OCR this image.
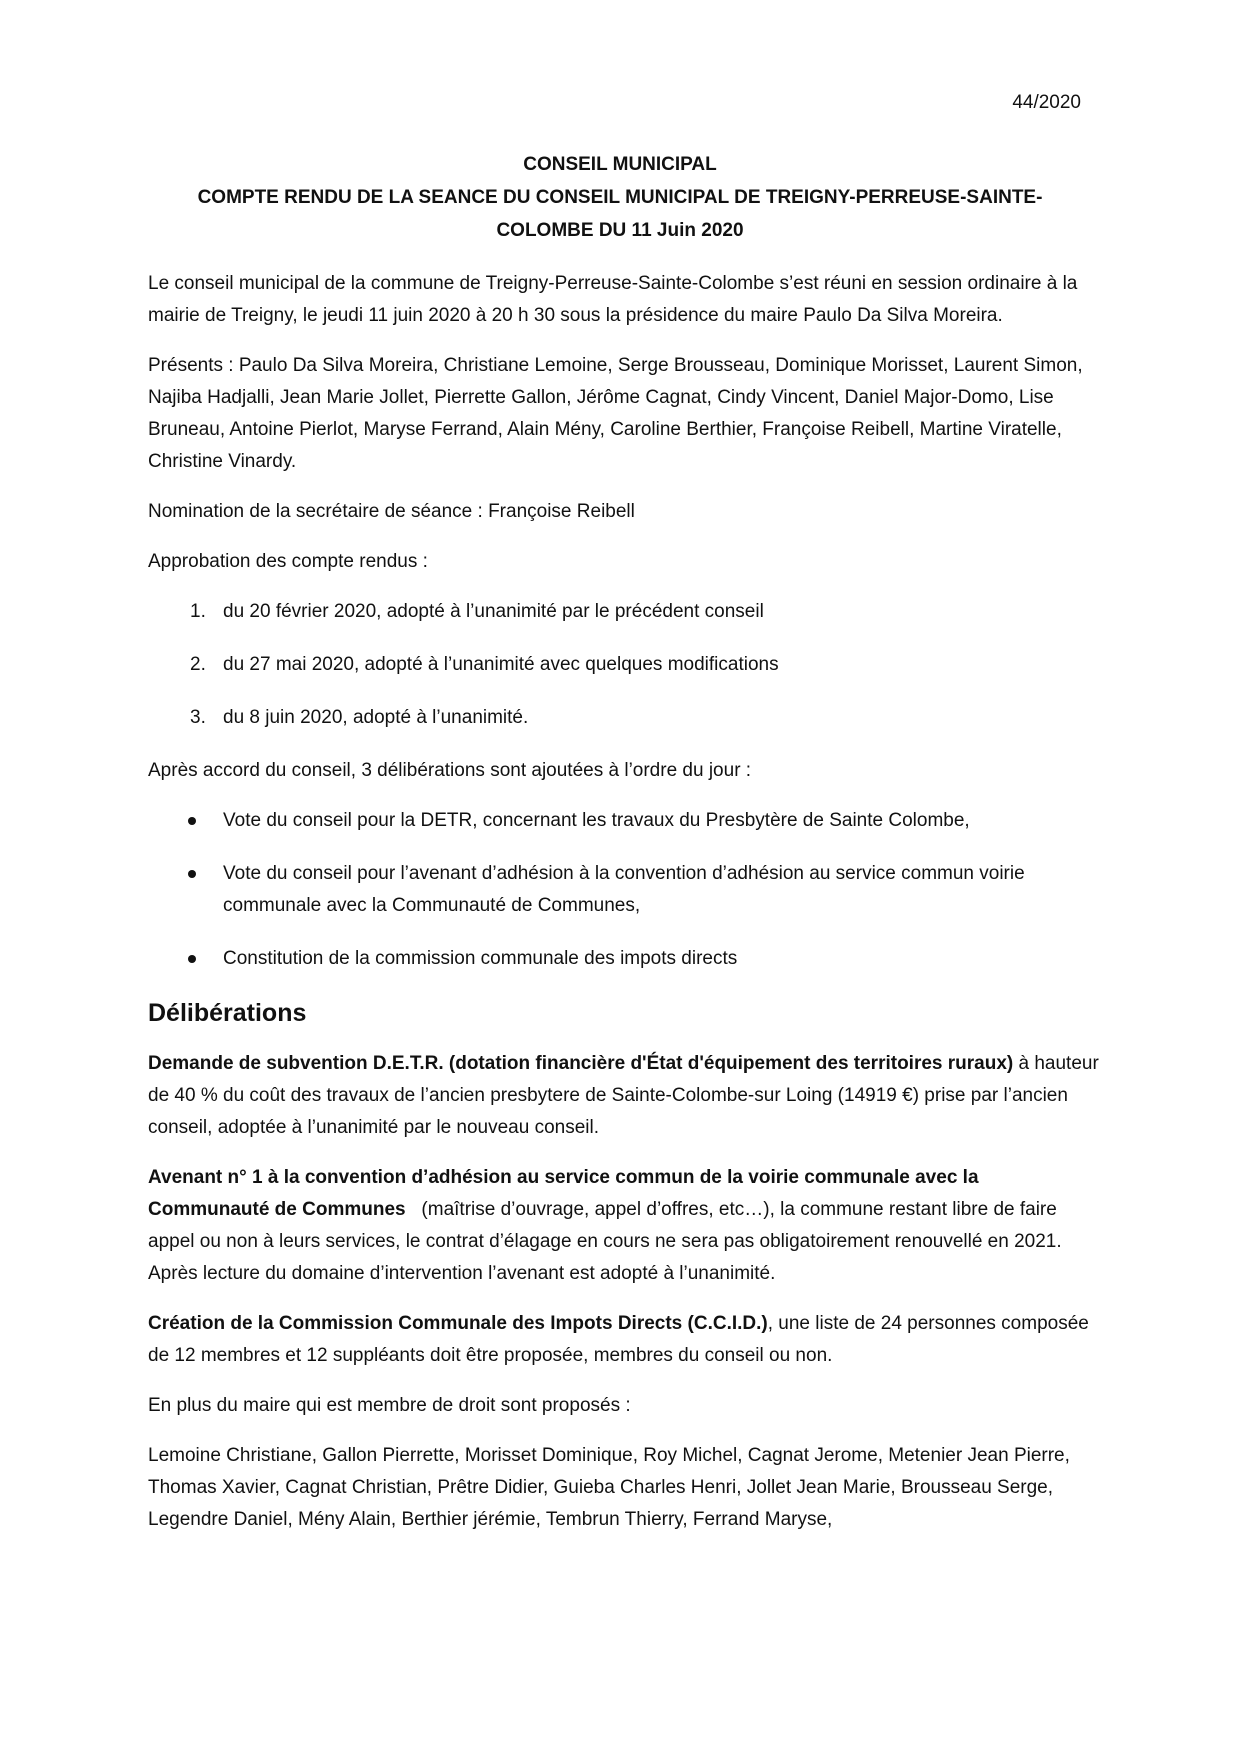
44/2020
CONSEIL MUNICIPAL
COMPTE RENDU DE LA SEANCE DU CONSEIL MUNICIPAL DE TREIGNY-PERREUSE-SAINTE-
COLOMBE DU 11 Juin 2020

Le conseil municipal de la commune de Treigny-Perreuse-Sainte-Colombe s’est réuni en session ordinaire à la mairie de Treigny, le jeudi 11 juin 2020 à 20 h 30 sous la présidence du maire Paulo Da Silva Moreira.

Présents : Paulo Da Silva Moreira, Christiane Lemoine, Serge Brousseau, Dominique Morisset, Laurent Simon, Najiba Hadjalli, Jean Marie Jollet, Pierrette Gallon, Jérôme Cagnat, Cindy Vincent, Daniel Major-Domo, Lise Bruneau, Antoine Pierlot, Maryse Ferrand, Alain Mény, Caroline Berthier, Françoise Reibell, Martine Viratelle, Christine Vinardy.

Nomination de la secrétaire de séance : Françoise Reibell

Approbation des compte rendus :

1. du 20 février 2020, adopté à l’unanimité par le précédent conseil
2. du 27 mai 2020, adopté à l’unanimité avec quelques modifications
3. du 8 juin 2020, adopté à l’unanimité.

Après accord du conseil, 3 délibérations sont ajoutées à l’ordre du jour :

Vote du conseil pour la DETR, concernant les travaux du Presbytère de Sainte Colombe,
Vote du conseil pour l’avenant d’adhésion à la convention d’adhésion au service commun voirie communale avec la Communauté de Communes,
Constitution de la commission communale des impots directs
Délibérations

Demande de subvention D.E.T.R. (dotation financière d'État d'équipement des territoires ruraux) à hauteur de 40 % du coût des travaux de l’ancien presbytere de Sainte-Colombe-sur Loing (14919 €) prise par l’ancien conseil, adoptée à l’unanimité par le nouveau conseil.

Avenant n° 1 à la convention d’adhésion au service commun de la voirie communale avec la Communauté de Communes   (maîtrise d’ouvrage, appel d’offres, etc…), la commune restant libre de faire appel ou non à leurs services, le contrat d’élagage en cours ne sera pas obligatoirement renouvellé en 2021. Après lecture du domaine d’intervention l’avenant est adopté à l’unanimité.

Création de la Commission Communale des Impots Directs (C.C.I.D.), une liste de 24 personnes composée de 12 membres et 12 suppléants doit être proposée, membres du conseil ou non.

En plus du maire qui est membre de droit sont proposés :

Lemoine Christiane, Gallon Pierrette, Morisset Dominique, Roy Michel, Cagnat Jerome, Metenier Jean Pierre, Thomas Xavier, Cagnat Christian, Prêtre Didier, Guieba Charles Henri, Jollet Jean Marie, Brousseau Serge, Legendre Daniel, Mény Alain, Berthier jérémie, Tembrun Thierry, Ferrand Maryse,
